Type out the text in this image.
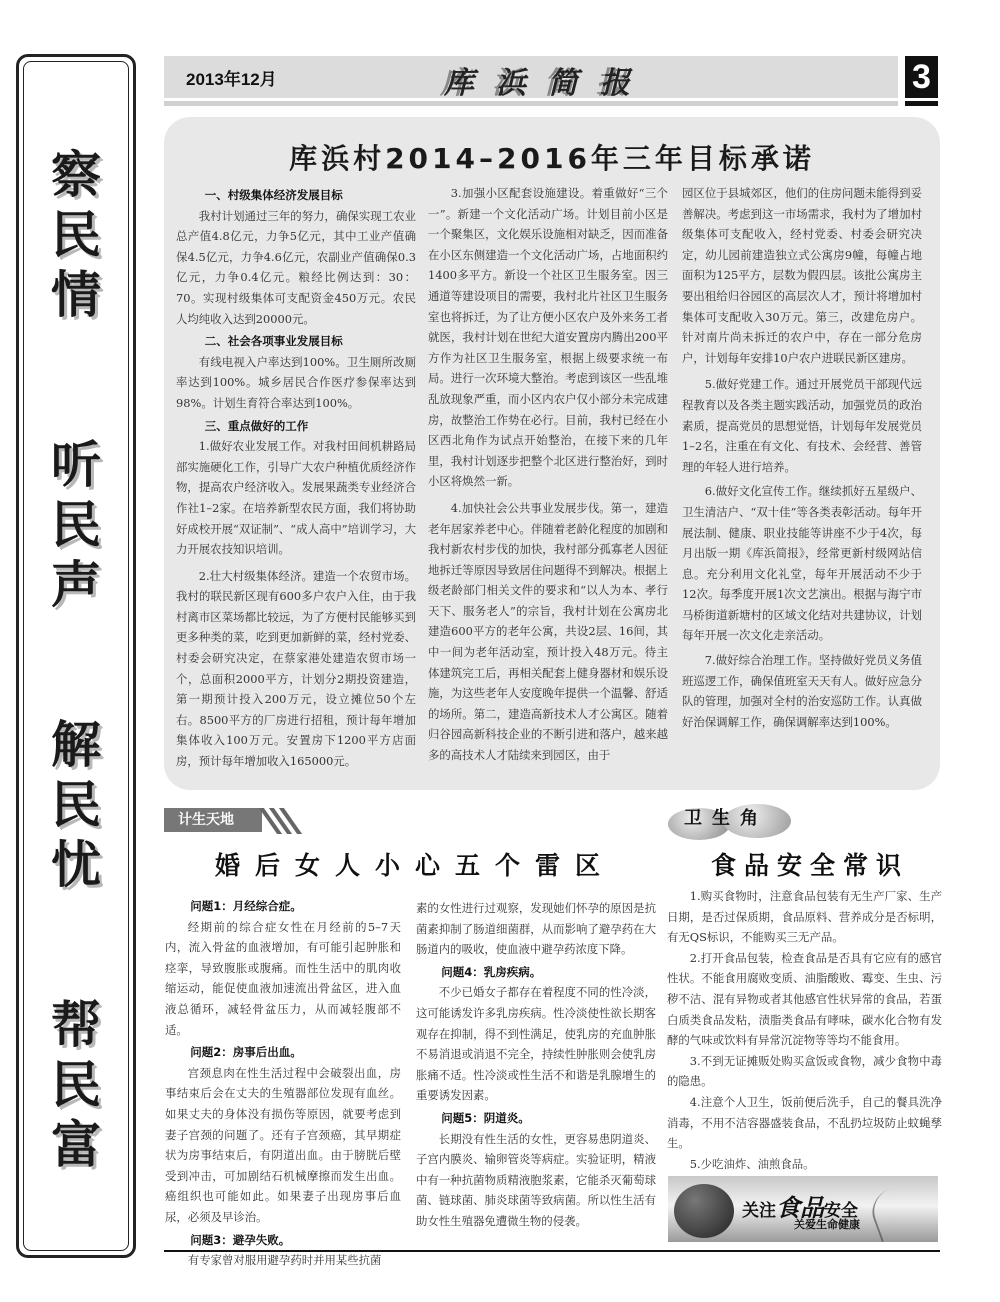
察
民
情
听
民
声
解
民
忧
帮
民
富
2013年12月	库浜简报	3
库浜村2014–2016年三年目标承诺
一、村级集体经济发展目标

我村计划通过三年的努力，确保实现工农业总产值4.8亿元，力争5亿元，其中工业产值确保4.5亿元，力争4.6亿元，农副业产值确保0.3亿元，力争0.4亿元。粮经比例达到：30：70。实现村级集体可支配资金450万元。农民人均纯收入达到20000元。

二、社会各项事业发展目标

有线电视入户率达到100%。卫生厕所改厕率达到100%。城乡居民合作医疗参保率达到98%。计划生育符合率达到100%。

三、重点做好的工作

1.做好农业发展工作。对我村田间机耕路局部实施硬化工作，引导广大农户种植优质经济作物，提高农户经济收入。发展果蔬类专业经济合作社1–2家。在培养新型农民方面，我们将协助好成校开展“双证制”、“成人高中”培训学习，大力开展农技知识培训。

2.壮大村级集体经济。建造一个农贸市场。我村的联民新区现有600多户农户入住，由于我村离市区菜场都比较远，为了方便村民能够买到更多种类的菜，吃到更加新鲜的菜，经村党委、村委会研究决定，在蔡家港处建造农贸市场一个，总面积2000平方，计划分2期投资建造，第一期预计投入200万元，设立摊位50个左右。8500平方的厂房进行招租，预计每年增加集体收入100万元。安置房下1200平方店面房，预计每年增加收入165000元。

3.加强小区配套设施建设。着重做好“三个一”。新建一个文化活动广场。计划目前小区是一个聚集区，文化娱乐设施相对缺乏，因而准备在小区东侧建造一个文化活动广场，占地面积约1400多平方。新设一个社区卫生服务室。因三通道等建设项目的需要，我村北片社区卫生服务室也将拆迁，为了让方便小区农户及外来务工者就医，我村计划在世纪大道安置房内腾出200平方作为社区卫生服务室，根据上级要求统一布局。进行一次环境大整治。考虑到该区一些乱堆乱放现象严重，而小区内农户仅小部分未完成建房，故整治工作势在必行。目前，我村已经在小区西北角作为试点开始整治，在接下来的几年里，我村计划逐步把整个北区进行整治好，到时小区将焕然一新。

4.加快社会公共事业发展步伐。第一，建造老年居家养老中心。伴随着老龄化程度的加剧和我村新农村步伐的加快，我村部分孤寡老人因征地拆迁等原因导致居住问题得不到解决。根据上级老龄部门相关文件的要求和“以人为本、孝行天下、服务老人”的宗旨，我村计划在公寓房北建造600平方的老年公寓，共设2层、16间，其中一间为老年活动室，预计投入48万元。待主体建筑完工后，再相关配套上健身器材和娱乐设施，为这些老年人安度晚年提供一个温馨、舒适的场所。第二，建造高新技术人才公寓区。随着归谷园高新科技企业的不断引进和落户，越来越多的高技术人才陆续来到园区，由于

园区位于县城郊区，他们的住房问题未能得到妥善解决。考虑到这一市场需求，我村为了增加村级集体可支配收入，经村党委、村委会研究决定，幼儿园前建造独立式公寓房9幢，每幢占地面积为125平方，层数为假四层。该批公寓房主要出租给归谷园区的高层次人才，预计将增加村集体可支配收入30万元。第三，改建危房户。针对南片尚未拆迁的农户中，存在一部分危房户，计划每年安排10户农户进联民新区建房。

5.做好党建工作。通过开展党员干部现代远程教育以及各类主题实践活动，加强党员的政治素质，提高党员的思想觉悟，计划每年发展党员1–2名，注重在有文化、有技术、会经营、善管理的年轻人进行培养。

6.做好文化宣传工作。继续抓好五星级户、卫生清洁户、“双十佳”等各类表彰活动。每年开展法制、健康、职业技能等讲座不少于4次，每月出版一期《库浜简报》，经常更新村级网站信息。充分利用文化礼堂，每年开展活动不少于12次。每季度开展1次文艺演出。根据与海宁市马桥街道新塘村的区域文化结对共建协议，计划每年开展一次文化走亲活动。

7.做好综合治理工作。坚持做好党员义务值班巡逻工作，确保值班室天天有人。做好应急分队的管理，加强对全村的治安巡防工作。认真做好治保调解工作，确保调解率达到100%。

计生天地
婚后女人小心五个雷区
问题1：月经综合症。

经期前的综合症女性在月经前的5–7天内，流入骨盆的血液增加，有可能引起肿胀和痉挛，导致腹胀或腹痛。而性生活中的肌肉收缩运动，能促使血液加速流出骨盆区，进入血液总循环，减轻骨盆压力，从而减轻腹部不适。

问题2：房事后出血。

宫颈息肉在性生活过程中会破裂出血，房事结束后会在丈夫的生殖器部位发现有血丝。如果丈夫的身体没有损伤等原因，就要考虑到妻子宫颈的问题了。还有子宫颈癌，其早期症状为房事结束后，有阴道出血。由于膀胱后壁受到冲击，可加剧结石机械摩擦而发生出血。癌组织也可能如此。如果妻子出现房事后血尿，必须及早诊治。

问题3：避孕失败。

有专家曾对服用避孕药时并用某些抗菌

素的女性进行过观察，发现她们怀孕的原因是抗菌素抑制了肠道细菌群，从而影响了避孕药在大肠道内的吸收，使血液中避孕药浓度下降。

问题4：乳房疾病。

不少已婚女子都存在着程度不同的性冷淡，这可能诱发许多乳房疾病。性冷淡使性欲长期客观存在抑制，得不到性满足，使乳房的充血肿胀不易消退或消退不完全，持续性肿胀则会使乳房胀痛不适。性冷淡或性生活不和谐是乳腺增生的重要诱发因素。

问题5：阴道炎。

长期没有性生活的女性，更容易患阴道炎、子宫内膜炎、输卵管炎等病症。实验证明，精液中有一种抗菌物质精液胞浆素，它能杀灭葡萄球菌、链球菌、肺炎球菌等致病菌。所以性生活有助女性生殖器免遭微生物的侵袭。

卫生角
食品安全常识

1.购买食物时，注意食品包装有无生产厂家、生产日期，是否过保质期，食品原料、营养成分是否标明，有无QS标识，不能购买三无产品。

2.打开食品包装，检查食品是否具有它应有的感官性状。不能食用腐败变质、油脂酸败、霉变、生虫、污秽不洁、混有异物或者其他感官性状异常的食品，若蛋白质类食品发粘，渍脂类食品有哮味，碳水化合物有发酵的气味或饮料有异常沉淀物等等均不能食用。

3.不到无证摊贩处购买盒饭或食物，减少食物中毒的隐患。

4.注意个人卫生，饭前便后洗手，自己的餐具洗净消毒，不用不洁容器盛装食品，不乱扔垃圾防止蚊蝇孳生。

5.少吃油炸、油煎食品。

关注食品安全
关爱生命健康
